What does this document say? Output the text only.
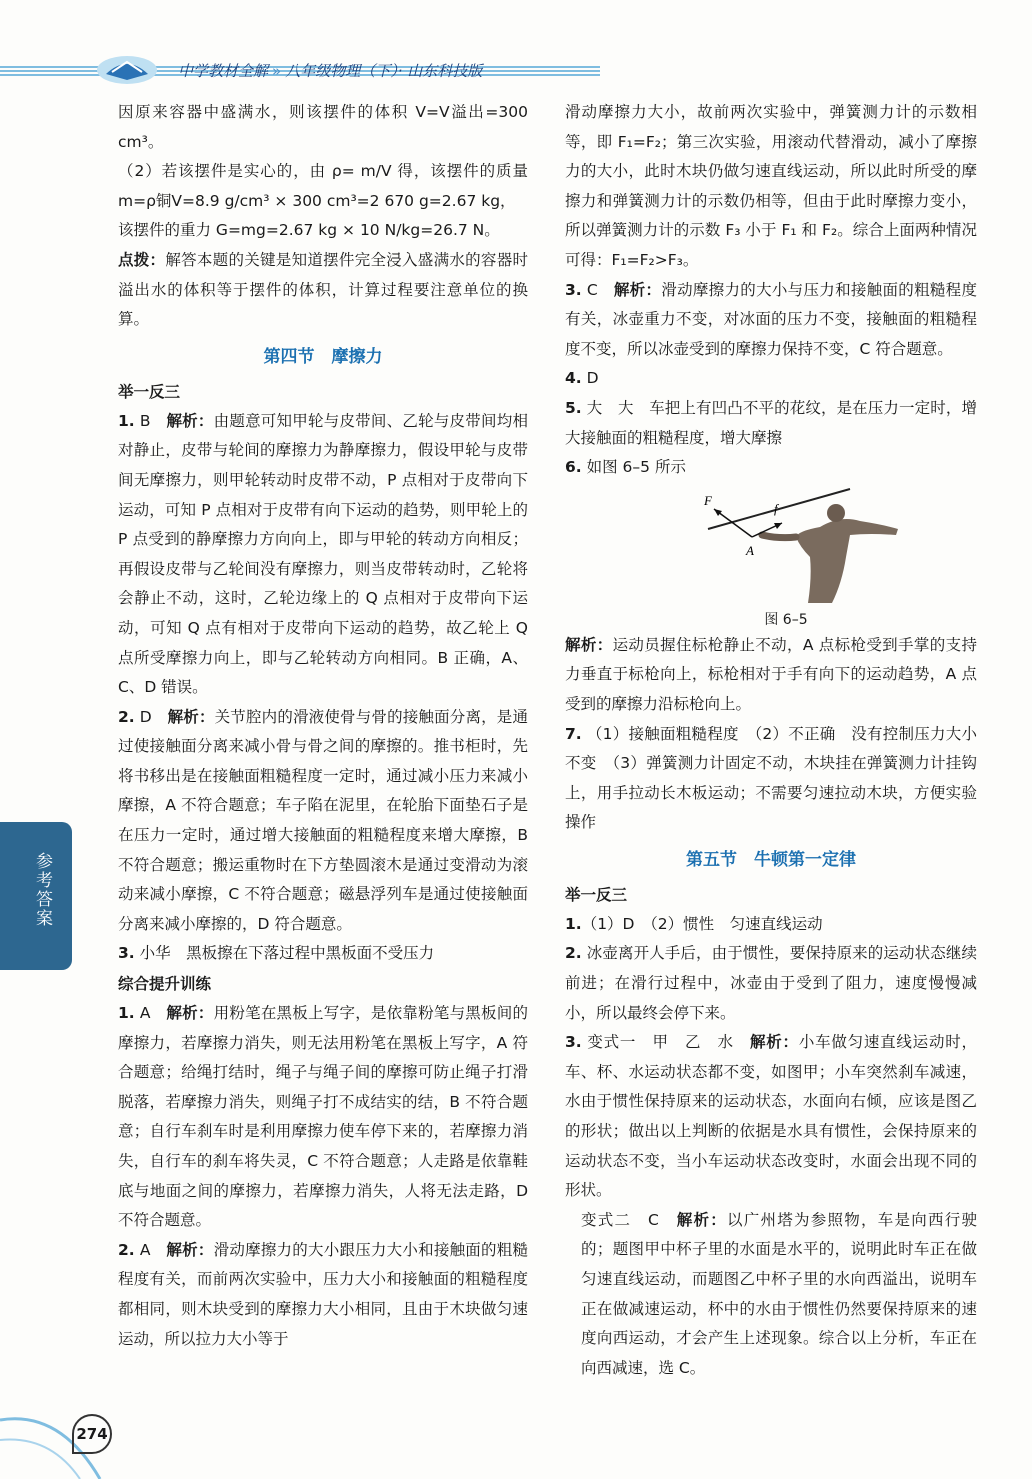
中学教材全解 » 八年级物理（下）· 山东科技版
参考答案
因原来容器中盛满水，则该摆件的体积 V=V溢出=300 cm³。
（2）若该摆件是实心的，由 ρ= m/V 得，该摆件的质量 m=ρ铜V=8.9 g/cm³ × 300 cm³=2 670 g=2.67 kg，
该摆件的重力 G=mg=2.67 kg × 10 N/kg=26.7 N。
点拨：解答本题的关键是知道摆件完全浸入盛满水的容器时溢出水的体积等于摆件的体积，计算过程要注意单位的换算。
第四节　摩擦力
举一反三
1. B　解析：由题意可知甲轮与皮带间、乙轮与皮带间均相对静止，皮带与轮间的摩擦力为静摩擦力，假设甲轮与皮带间无摩擦力，则甲轮转动时皮带不动，P 点相对于皮带向下运动，可知 P 点相对于皮带有向下运动的趋势，则甲轮上的 P 点受到的静摩擦力方向向上，即与甲轮的转动方向相反；再假设皮带与乙轮间没有摩擦力，则当皮带转动时，乙轮将会静止不动，这时，乙轮边缘上的 Q 点相对于皮带向下运动，可知 Q 点有相对于皮带向下运动的趋势，故乙轮上 Q 点所受摩擦力向上，即与乙轮转动方向相同。B 正确，A、C、D 错误。
2. D　解析：关节腔内的滑液使骨与骨的接触面分离，是通过使接触面分离来减小骨与骨之间的摩擦的。推书柜时，先将书移出是在接触面粗糙程度一定时，通过减小压力来减小摩擦，A 不符合题意；车子陷在泥里，在轮胎下面垫石子是在压力一定时，通过增大接触面的粗糙程度来增大摩擦，B 不符合题意；搬运重物时在下方垫圆滚木是通过变滑动为滚动来减小摩擦，C 不符合题意；磁悬浮列车是通过使接触面分离来减小摩擦的，D 符合题意。
3. 小华　黑板擦在下落过程中黑板面不受压力
综合提升训练
1. A　解析：用粉笔在黑板上写字，是依靠粉笔与黑板间的摩擦力，若摩擦力消失，则无法用粉笔在黑板上写字，A 符合题意；给绳打结时，绳子与绳子间的摩擦可防止绳子打滑脱落，若摩擦力消失，则绳子打不成结实的结，B 不符合题意；自行车刹车时是利用摩擦力使车停下来的，若摩擦力消失，自行车的刹车将失灵，C 不符合题意；人走路是依靠鞋底与地面之间的摩擦力，若摩擦力消失，人将无法走路，D 不符合题意。
2. A　解析：滑动摩擦力的大小跟压力大小和接触面的粗糙程度有关，而前两次实验中，压力大小和接触面的粗糙程度都相同，则木块受到的摩擦力大小相同，且由于木块做匀速运动，所以拉力大小等于
滑动摩擦力大小，故前两次实验中，弹簧测力计的示数相等，即 F₁=F₂；第三次实验，用滚动代替滑动，减小了摩擦力的大小，此时木块仍做匀速直线运动，所以此时所受的摩擦力和弹簧测力计的示数仍相等，但由于此时摩擦力变小，所以弹簧测力计的示数 F₃ 小于 F₁ 和 F₂。综合上面两种情况可得：F₁=F₂>F₃。
3. C　解析：滑动摩擦力的大小与压力和接触面的粗糙程度有关，冰壶重力不变，对冰面的压力不变，接触面的粗糙程度不变，所以冰壶受到的摩擦力保持不变，C 符合题意。
4. D
5. 大　大　车把上有凹凸不平的花纹，是在压力一定时，增大接触面的粗糙程度，增大摩擦
6. 如图 6–5 所示
F
f
A
图 6–5
解析：运动员握住标枪静止不动，A 点标枪受到手掌的支持力垂直于标枪向上，标枪相对于手有向下的运动趋势，A 点受到的摩擦力沿标枪向上。
7. （1）接触面粗糙程度　（2）不正确　没有控制压力大小不变　（3）弹簧测力计固定不动，木块挂在弹簧测力计挂钩上，用手拉动长木板运动；不需要匀速拉动木块，方便实验操作
第五节　牛顿第一定律
举一反三
1.（1）D　（2）惯性　匀速直线运动
2. 冰壶离开人手后，由于惯性，要保持原来的运动状态继续前进；在滑行过程中，冰壶由于受到了阻力，速度慢慢减小，所以最终会停下来。
3. 变式一　甲　乙　水　解析：小车做匀速直线运动时，车、杯、水运动状态都不变，如图甲；小车突然刹车减速，水由于惯性保持原来的运动状态，水面向右倾，应该是图乙的形状；做出以上判断的依据是水具有惯性，会保持原来的运动状态不变，当小车运动状态改变时，水面会出现不同的形状。
变式二　C　解析：以广州塔为参照物，车是向西行驶的；题图甲中杯子里的水面是水平的，说明此时车正在做匀速直线运动，而题图乙中杯子里的水向西溢出，说明车正在做减速运动，杯中的水由于惯性仍然要保持原来的速度向西运动，才会产生上述现象。综合以上分析，车正在向西减速，选 C。
274
